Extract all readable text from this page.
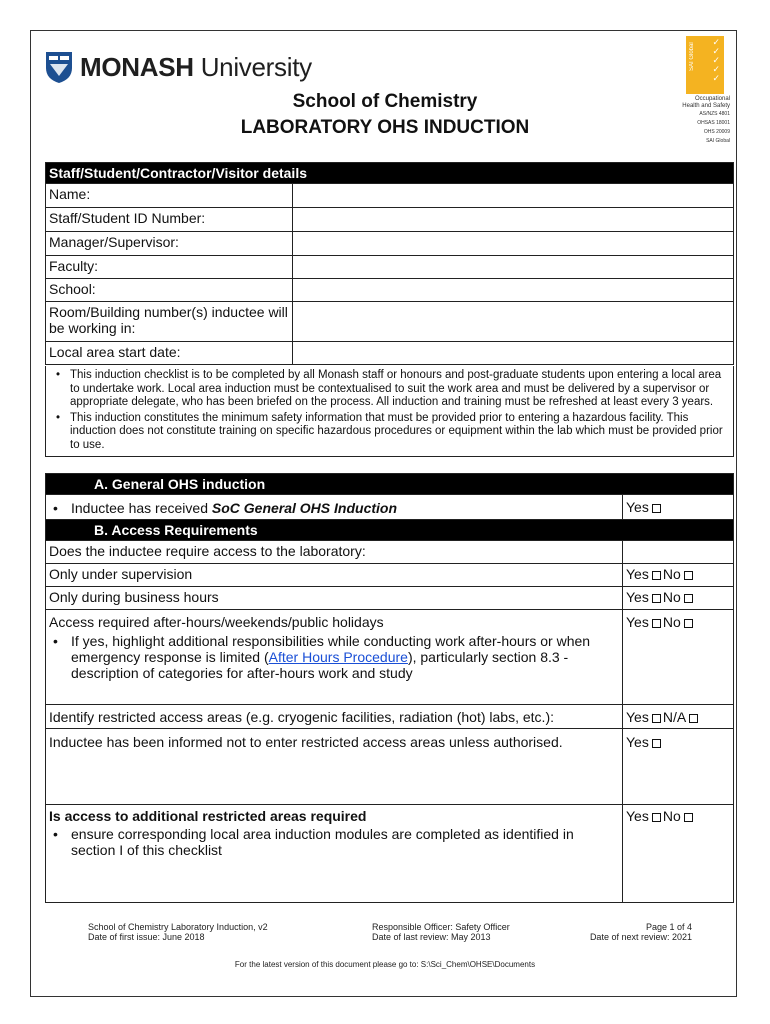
MONASH University
School of Chemistry
LABORATORY OHS INDUCTION
SAI Global	✓
✓
✓
✓
✓
Occupational Health and Safety
AS/NZS 4801
OHSAS 18001
OHS 20009
SAI Global
Staff/Student/Contractor/Visitor details	
Name:	
Staff/Student ID Number:	
Manager/Supervisor:	
Faculty:	
School:	
Room/Building number(s) inductee will be working in:	
Local area start date:	
• This induction checklist is to be completed by all Monash staff or honours and post-graduate students upon entering a local area to undertake work. Local area induction must be contextualised to suit the work area and must be delivered by a supervisor or appropriate delegate, who has been briefed on the process. All induction and training must be refreshed at least every 3 years.
• This induction constitutes the minimum safety information that must be provided prior to entering a hazardous facility. This induction does not constitute training on specific hazardous procedures or equipment within the lab which must be provided prior to use.
A. General OHS induction	

• Inductee has received SoC General OHS Induction	Yes
B. Access Requirements	
Does the inductee require access to the laboratory:	
Only under supervision	Yes No
Only during business hours	Yes No

Access required after-hours/weekends/public holidays
• If yes, highlight additional responsibilities while conducting work after-hours or when emergency response is limited (After Hours Procedure), particularly section 8.3 - description of categories for after-hours work and study	Yes No
Identify restricted access areas (e.g. cryogenic facilities, radiation (hot) labs, etc.):	Yes N/A
Inductee has been informed not to enter restricted access areas unless authorised.	Yes

Is access to additional restricted areas required
• ensure corresponding local area induction modules are completed as identified in section I of this checklist	Yes No
School of Chemistry Laboratory Induction, v2
Date of first issue: June 2018
Responsible Officer: Safety Officer
Date of last review: May 2013
Page 1 of 4
Date of next review: 2021
For the latest version of this document please go to: S:\Sci_Chem\OHSE\Documents
